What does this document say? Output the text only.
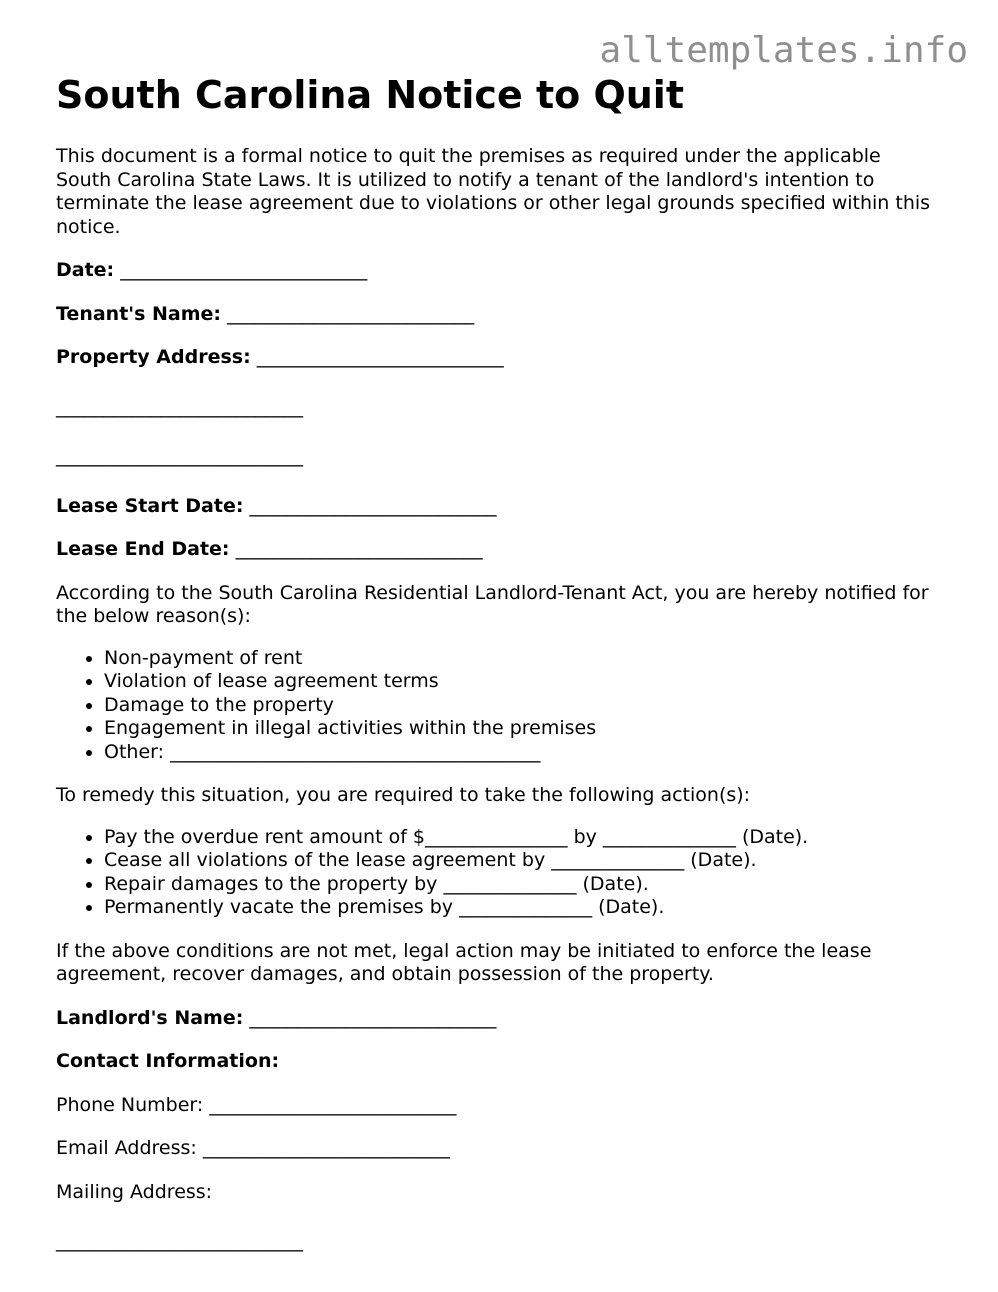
alltemplates.info
South Carolina Notice to Quit

This document is a formal notice to quit the premises as required under the applicable South Carolina State Laws. It is utilized to notify a tenant of the landlord's intention to terminate the lease agreement due to violations or other legal grounds specified within this notice.

Date: __________________________

Tenant's Name: __________________________

Property Address: __________________________

__________________________

__________________________

Lease Start Date: __________________________

Lease End Date: __________________________

According to the South Carolina Residential Landlord-Tenant Act, you are hereby notified for the below reason(s):

• Non-payment of rent
• Violation of lease agreement terms
• Damage to the property
• Engagement in illegal activities within the premises
• Other: _______________________________________

To remedy this situation, you are required to take the following action(s):

• Pay the overdue rent amount of $_______________ by ______________ (Date).
• Cease all violations of the lease agreement by ______________ (Date).
• Repair damages to the property by ______________ (Date).
• Permanently vacate the premises by ______________ (Date).

If the above conditions are not met, legal action may be initiated to enforce the lease agreement, recover damages, and obtain possession of the property.

Landlord's Name: __________________________

Contact Information:

Phone Number: __________________________

Email Address: __________________________

Mailing Address:

__________________________
